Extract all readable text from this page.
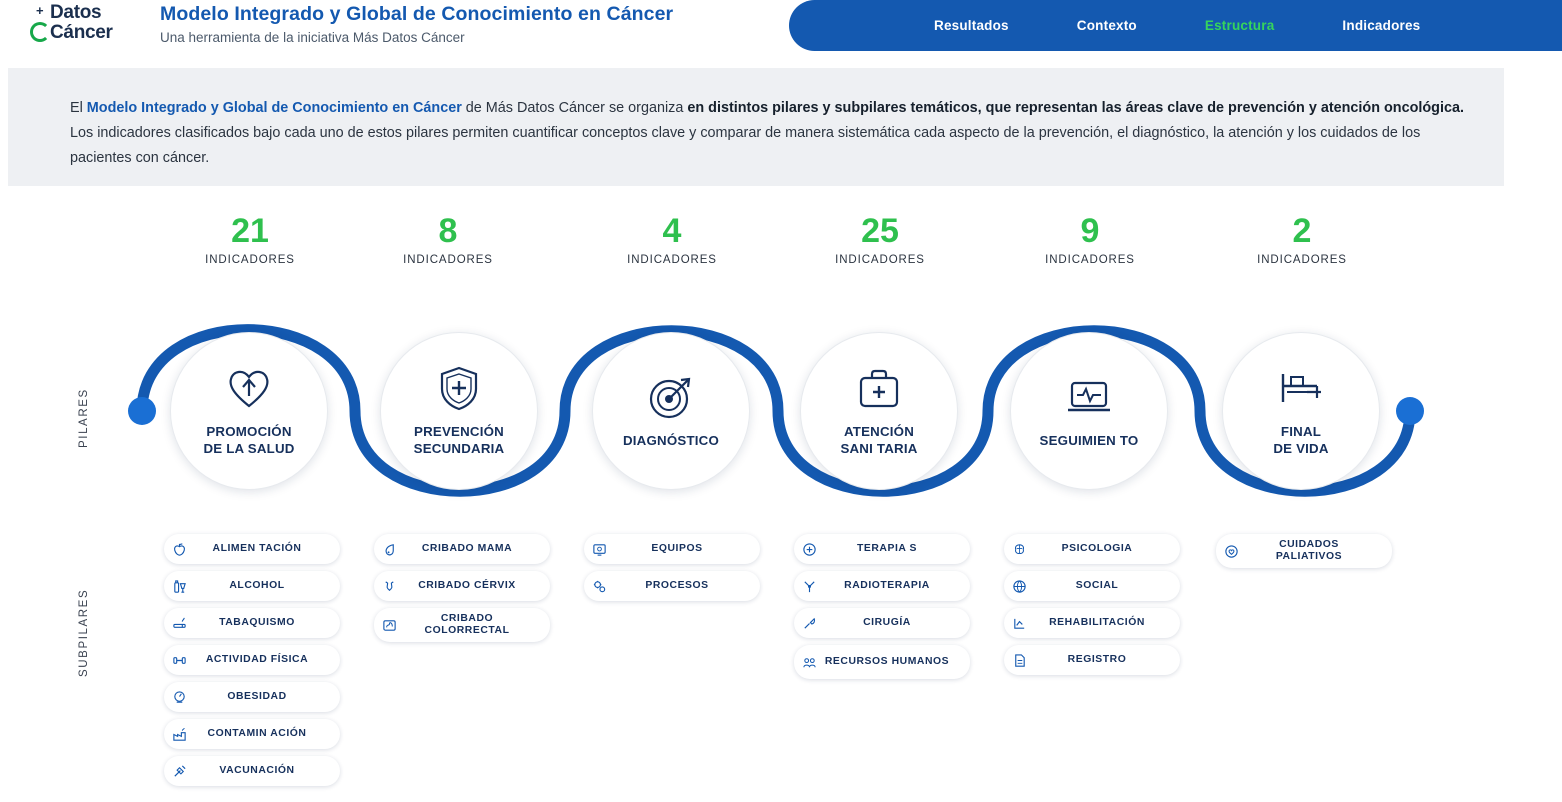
+ Datos
Cáncer
Modelo Integrado y Global de Conocimiento en Cáncer
Una herramienta de la iniciativa Más Datos Cáncer
Resultados	Contexto	Estructura	Indicadores

El Modelo Integrado y Global de Conocimiento en Cáncer de Más Datos Cáncer se organiza en distintos pilares y subpilares temáticos, que representan las áreas clave de prevención y atención oncológica. Los indicadores clasificados bajo cada uno de estos pilares permiten cuantificar conceptos clave y comparar de manera sistemática cada aspecto de la prevención, el diagnóstico, la atención y los cuidados de los pacientes con cáncer.

PILARES
SUBPILARES
21
INDICADORES
8
INDICADORES
4
INDICADORES
25
INDICADORES
9
INDICADORES
2
INDICADORES
PROMOCIÓN
DE LA SALUD
PREVENCIÓN
SECUNDARIA
DIAGNÓSTICO
ATENCIÓN
SANI TARIA
SEGUIMIEN TO
FINAL
DE VIDA
ALIMEN TACIÓN
ALCOHOL
TABAQUISMO
ACTIVIDAD FÍSICA
OBESIDAD
CONTAMIN ACIÓN
VACUNACIÓN
CRIBADO MAMA
CRIBADO CÉRVIX
CRIBADO COLORRECTAL
EQUIPOS
PROCESOS
TERAPIA S
RADIOTERAPIA
CIRUGÍA
RECURSOS HUMANOS
PSICOLOGIA
SOCIAL
REHABILITACIÓN
REGISTRO
CUIDADOS PALIATIVOS
